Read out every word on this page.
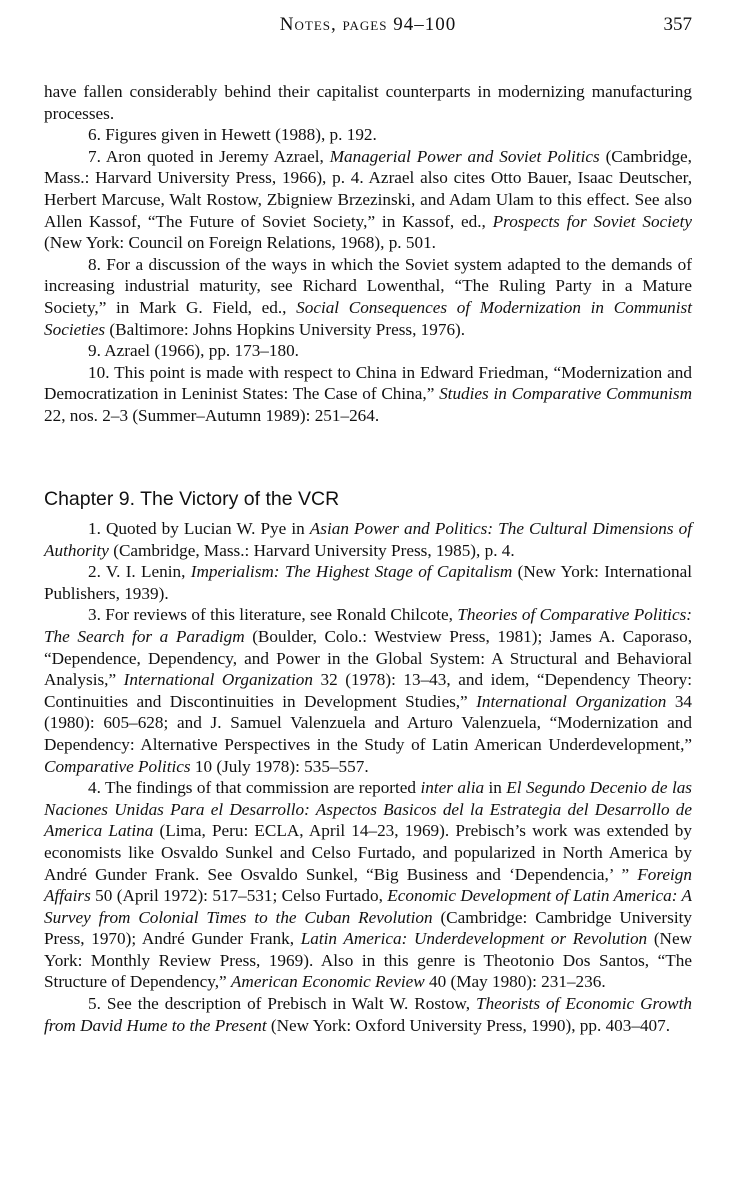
Notes, pages 94–100	357

have fallen considerably behind their capitalist counterparts in modernizing manufacturing processes.

6. Figures given in Hewett (1988), p. 192.

7. Aron quoted in Jeremy Azrael, Managerial Power and Soviet Politics (Cambridge, Mass.: Harvard University Press, 1966), p. 4. Azrael also cites Otto Bauer, Isaac Deutscher, Herbert Marcuse, Walt Rostow, Zbigniew Brzezinski, and Adam Ulam to this effect. See also Allen Kassof, “The Future of Soviet Society,” in Kassof, ed., Prospects for Soviet Society (New York: Council on Foreign Relations, 1968), p. 501.

8. For a discussion of the ways in which the Soviet system adapted to the demands of increasing industrial maturity, see Richard Lowenthal, “The Ruling Party in a Mature Society,” in Mark G. Field, ed., Social Consequences of Modernization in Communist Societies (Baltimore: Johns Hopkins University Press, 1976).

9. Azrael (1966), pp. 173–180.

10. This point is made with respect to China in Edward Friedman, “Modernization and Democratization in Leninist States: The Case of China,” Studies in Comparative Communism 22, nos. 2–3 (Summer–Autumn 1989): 251–264.

Chapter 9. The Victory of the VCR

1. Quoted by Lucian W. Pye in Asian Power and Politics: The Cultural Dimensions of Authority (Cambridge, Mass.: Harvard University Press, 1985), p. 4.

2. V. I. Lenin, Imperialism: The Highest Stage of Capitalism (New York: International Publishers, 1939).

3. For reviews of this literature, see Ronald Chilcote, Theories of Comparative Politics: The Search for a Paradigm (Boulder, Colo.: Westview Press, 1981); James A. Caporaso, “Dependence, Dependency, and Power in the Global System: A Structural and Behavioral Analysis,” International Organization 32 (1978): 13–43, and idem, “Dependency Theory: Continuities and Discontinuities in Development Studies,” International Organization 34 (1980): 605–628; and J. Samuel Valenzuela and Arturo Valenzuela, “Modernization and Dependency: Alternative Perspectives in the Study of Latin American Underdevelopment,” Comparative Politics 10 (July 1978): 535–557.

4. The findings of that commission are reported inter alia in El Segundo Decenio de las Naciones Unidas Para el Desarrollo: Aspectos Basicos del la Estrategia del Desarrollo de America Latina (Lima, Peru: ECLA, April 14–23, 1969). Prebisch’s work was extended by economists like Osvaldo Sunkel and Celso Furtado, and popularized in North America by André Gunder Frank. See Osvaldo Sunkel, “Big Business and ‘Dependencia,’ ” Foreign Affairs 50 (April 1972): 517–531; Celso Furtado, Economic Development of Latin America: A Survey from Colonial Times to the Cuban Revolution (Cambridge: Cambridge University Press, 1970); André Gunder Frank, Latin America: Underdevelopment or Revolution (New York: Monthly Review Press, 1969). Also in this genre is Theotonio Dos Santos, “The Structure of Dependency,” American Economic Review 40 (May 1980): 231–236.

5. See the description of Prebisch in Walt W. Rostow, Theorists of Economic Growth from David Hume to the Present (New York: Oxford University Press, 1990), pp. 403–407.
